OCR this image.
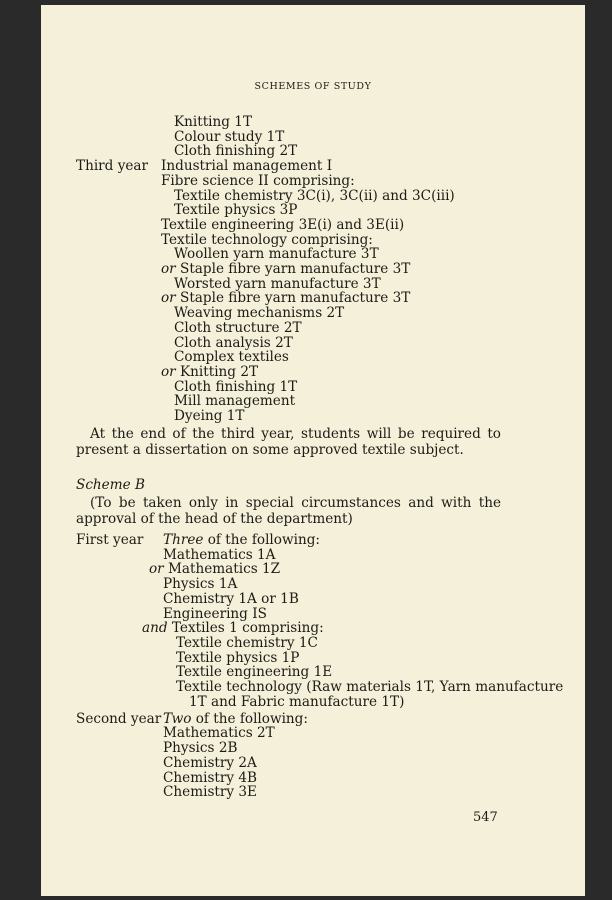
SCHEMES OF STUDY
Knitting 1T
Colour study 1T
Cloth finishing 2T
Third year Industrial management I
Fibre science II comprising:
Textile chemistry 3C(i), 3C(ii) and 3C(iii)
Textile physics 3P
Textile engineering 3E(i) and 3E(ii)
Textile technology comprising:
Woollen yarn manufacture 3T
or Staple fibre yarn manufacture 3T
Worsted yarn manufacture 3T
or Staple fibre yarn manufacture 3T
Weaving mechanisms 2T
Cloth structure 2T
Cloth analysis 2T
Complex textiles
or Knitting 2T
Cloth finishing 1T
Mill management
Dyeing 1T
At the end of the third year, students will be required to present a dissertation on some approved textile subject.
Scheme B
(To be taken only in special circumstances and with the approval of the head of the department)
First year Three of the following:
Mathematics 1A
or Mathematics 1Z
Physics 1A
Chemistry 1A or 1B
Engineering IS
and Textiles 1 comprising:
Textile chemistry 1C
Textile physics 1P
Textile engineering 1E
Textile technology (Raw materials 1T, Yarn manufacture
1T and Fabric manufacture 1T)
Second year Two of the following:
Mathematics 2T
Physics 2B
Chemistry 2A
Chemistry 4B
Chemistry 3E
547
